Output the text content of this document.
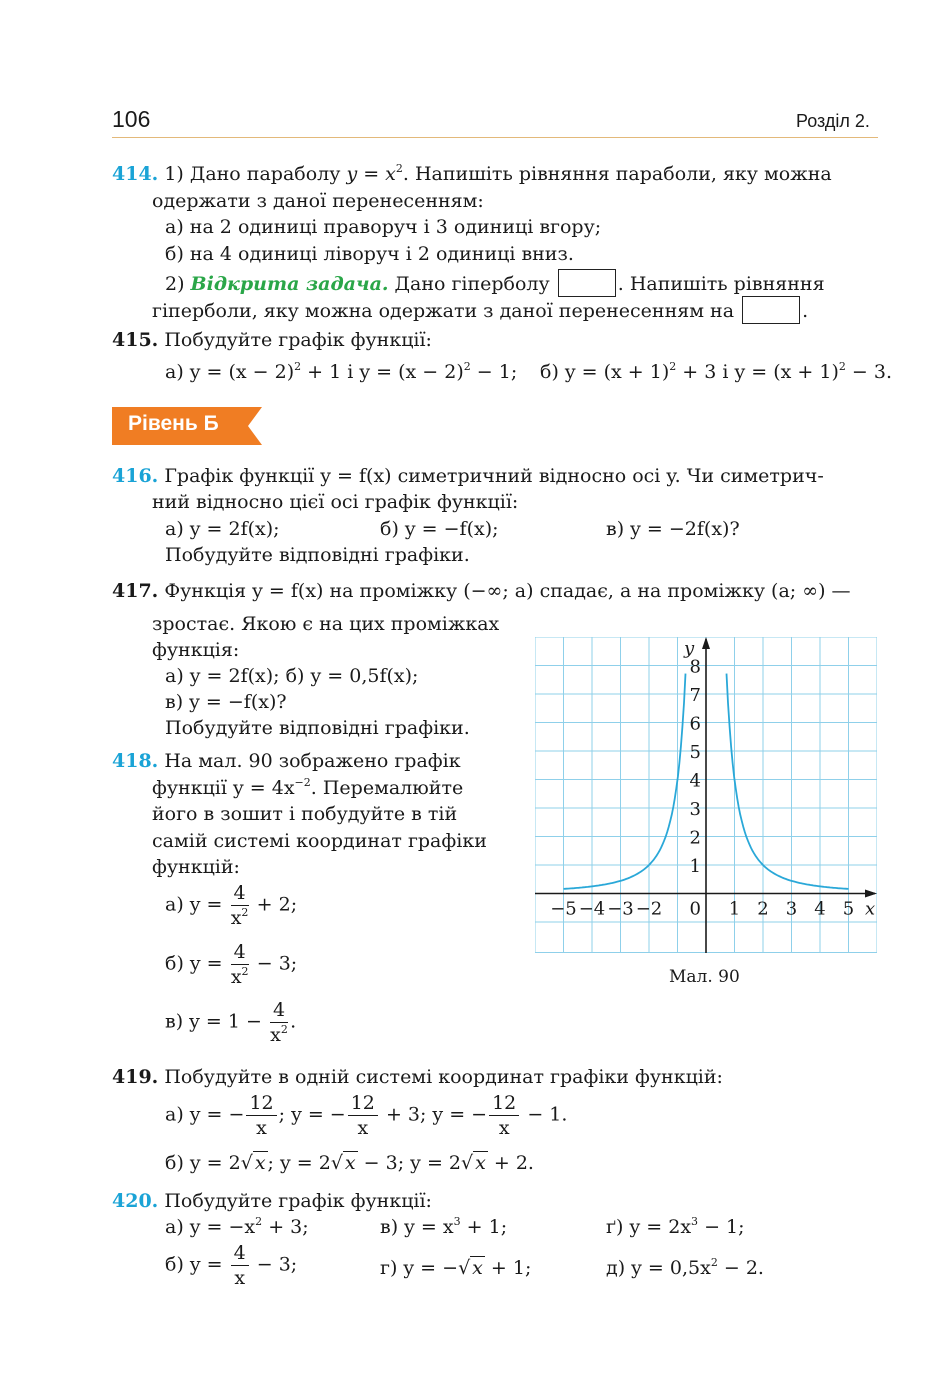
106	Розділ 2.
414. 1) Дано параболу $y = x^2$. Напишіть рівняння параболи, яку можна
одержати з даної перенесенням:
а) на 2 одиниці праворуч і 3 одиниці вгору;
б) на 4 одиниці ліворуч і 2 одиниці вниз.
2) Відкрита задача. Дано гіперболу	. Напишіть рівняння
гіперболи, яку можна одержати з даної перенесенням на	.
415. Побудуйте графік функції:
а) $y = (x - 2)^2 + 1$ і $y = (x - 2)^2 - 1$; б) $y = (x + 1)^2 + 3$ і $y = (x + 1)^2 - 3$.
Рівень Б
416. Графік функції y = f(x) симетричний відносно осі y. Чи симетрич-
ний відносно цієї осі графік функції:
а) y = 2f(x);	б) y = −f(x);	в) y = −2f(x)?
Побудуйте відповідні графіки.
417. Функція y = f(x) на проміжку (−∞; a) спадає, а на проміжку (a; ∞) —
зростає. Якою є на цих проміжках
функція:
а) y = 2f(x); б) y = 0,5f(x);
в) y = −f(x)?
Побудуйте відповідні графіки.
418. На мал. 90 зображено графік
функції $y = 4x^{-2}$. Перемалюйте
його в зошит і побудуйте в тій
самій системі координат графіки
функцій:
а) $y = \frac{4}{x^2} + 2$;
б) $y = \frac{4}{x^2} - 3$;
в) $y = 1 - \frac{4}{x^2}$ .
−5 −4 −3 −2	1 2 3 4 5
1
2
3
4
5
6
7
8
0	x
y
Мал. 90
419. Побудуйте в одній системі координат графіки функцій:
а) y = − $\frac{12}{x}$ ; y = − $\frac{12}{x} + 3$; y = − $\frac{12}{x} - 1$.
б) y = 2√ x ; y = 2√ x − 3; y = 2√ x + 2.
420. Побудуйте графік функції:
а) $y = -x^2 + 3$;	в) $y = x^3 + 1$;	ґ) $y = 2x^3 - 1$;
б) $y = \frac{4}{x} - 3$;	г) y = −√ x + 1;	д) $y = 0,5x^2 - 2$.
